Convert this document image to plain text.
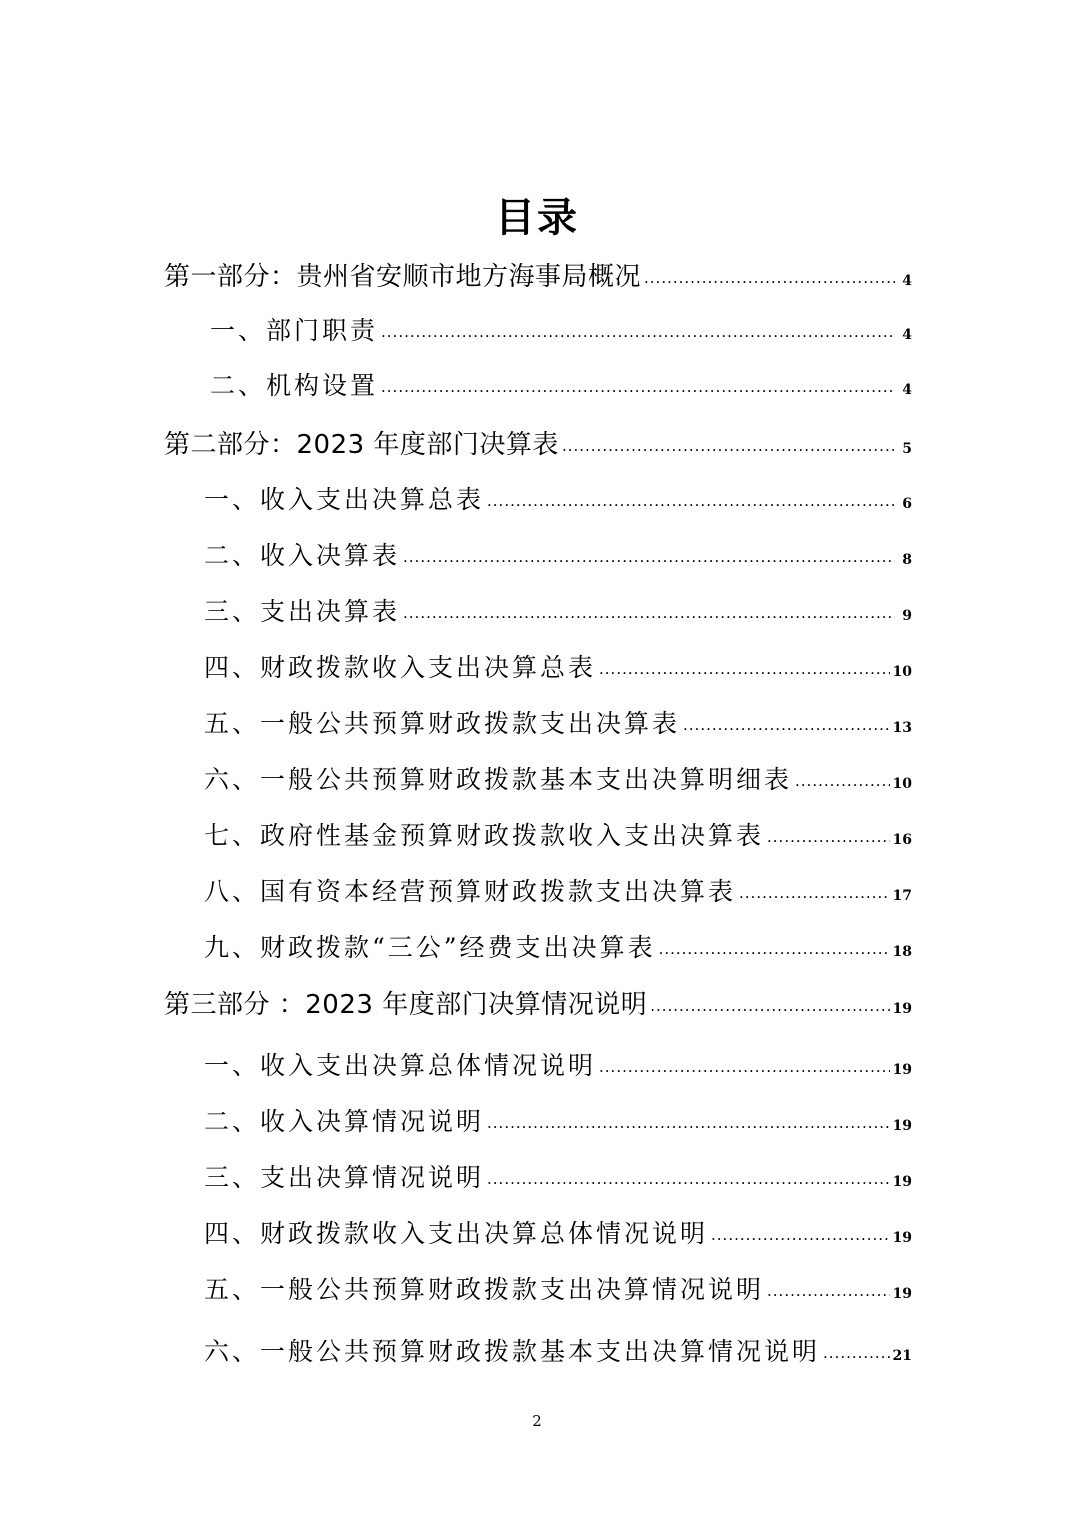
目录
第一部分：贵州省安顺市地方海事局概况 .....	4
一、部门职责 .....	4
二、机构设置 .....	4
第二部分：2023 年度部门决算表 .....	5
一、收入支出决算总表 .....	6
二、收入决算表 .....	8
三、支出决算表 .....	9
四、财政拨款收入支出决算总表 .....	10
五、一般公共预算财政拨款支出决算表 .....	13
六、一般公共预算财政拨款基本支出决算明细表 .....	10
七、政府性基金预算财政拨款收入支出决算表 .....	16
八、国有资本经营预算财政拨款支出决算表 .....	17
九、财政拨款“三公”经费支出决算表 .....	18
第三部分 ：2023 年度部门决算情况说明 .....	19
一、收入支出决算总体情况说明 .....	19
二、收入决算情况说明 .....	19
三、支出决算情况说明 .....	19
四、财政拨款收入支出决算总体情况说明 .....	19
五、一般公共预算财政拨款支出决算情况说明 .....	19
六、一般公共预算财政拨款基本支出决算情况说明 .....	21
2
